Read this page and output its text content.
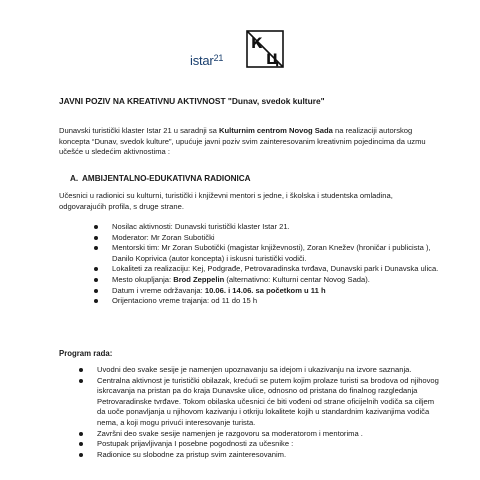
istar$^{21}$
К
Ц
JAVNI POZIV NA KREATIVNU AKTIVNOST "Dunav, svedok kulture"
Dunavski turistički klaster Istar 21 u saradnji sa Kulturnim centrom Novog Sada na realizaciji autorskog koncepta “Dunav, svedok kulture”, upućuje javni poziv svim zainteresovanim kreativnim pojedincima da uzmu učešće u sledećim aktivnostima :
A. AMBIJENTALNO-EDUKATIVNA RADIONICA
Učesnici u radionici su kulturni, turistički i književni mentori s jedne, i školska i studentska omladina, odgovarajućih profila, s druge strane.
Nosilac aktivnosti: Dunavski turistički klaster Istar 21.
Moderator: Mr Zoran Subotički
Mentorski tim: Mr Zoran Subotički (magistar književnosti), Zoran Knežev (hroničar i publicista ), Danilo Koprivica (autor koncepta) i iskusni turistički vodiči.
Lokaliteti za realizaciju: Kej, Podgrađe, Petrovaradinska tvrđava, Dunavski park i Dunavska ulica.
Mesto okupljanja: Brod Zeppelin (alternativno: Kulturni centar Novog Sada).
Datum i vreme održavanja: 10.06. i 14.06. sa početkom u 11 h
Orijentaciono vreme trajanja: od 11 do 15 h
Program rada:
Uvodni deo svake sesije je namenjen upoznavanju sa idejom i ukazivanju na izvore saznanja.
Centralna aktivnost je turistički obilazak, krećući se putem kojim prolaze turisti sa brodova od njihovog iskrcavanja na pristan pa do kraja Dunavske ulice, odnosno od pristana do finalnog razgledanja Petrovaradinske tvrđave. Tokom obilaska učesnici će biti vođeni od strane oficijelnih vodiča sa ciljem da uoče ponavljanja u njihovom kazivanju i otkriju lokalitete kojih u standardnim kazivanjima vodiča nema, a koji mogu privući interesovanje turista.
Završni deo svake sesije namenjen je razgovoru sa moderatorom i mentorima .
Postupak prijavljivanja I posebne pogodnosti za učesnike :
Radionice su slobodne za pristup svim zainteresovanim.
